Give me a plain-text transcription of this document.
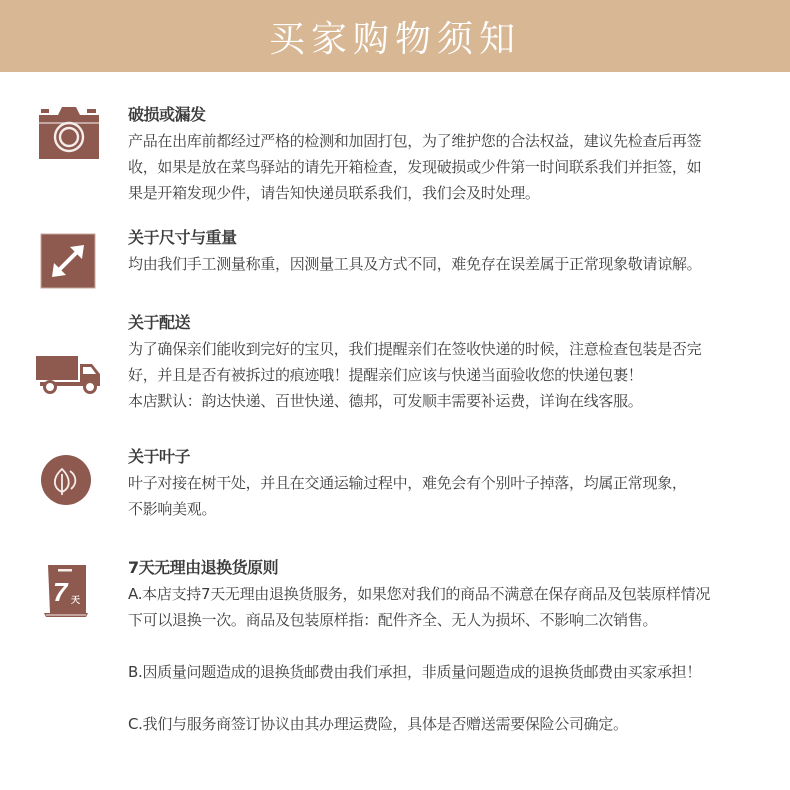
买家购物须知
破损或漏发

产品在出库前都经过严格的检测和加固打包，为了维护您的合法权益，建议先检查后再签

收，如果是放在菜鸟驿站的请先开箱检查，发现破损或少件第一时间联系我们并拒签，如

果是开箱发现少件，请告知快递员联系我们，我们会及时处理。

关于尺寸与重量

均由我们手工测量称重，因测量工具及方式不同，难免存在误差属于正常现象敬请谅解。

关于配送

为了确保亲们能收到完好的宝贝，我们提醒亲们在签收快递的时候，注意检查包装是否完

好，并且是否有被拆过的痕迹哦！提醒亲们应该与快递当面验收您的快递包裹！

本店默认：韵达快递、百世快递、德邦，可发顺丰需要补运费，详询在线客服。

关于叶子

叶子对接在树干处，并且在交通运输过程中，难免会有个别叶子掉落，均属正常现象，

不影响美观。

7 天
7天无理由退换货原则

A.本店支持7天无理由退换货服务，如果您对我们的商品不满意在保存商品及包装原样情况

下可以退换一次。商品及包装原样指：配件齐全、无人为损坏、不影响二次销售。

B.因质量问题造成的退换货邮费由我们承担，非质量问题造成的退换货邮费由买家承担！

C.我们与服务商签订协议由其办理运费险，具体是否赠送需要保险公司确定。
